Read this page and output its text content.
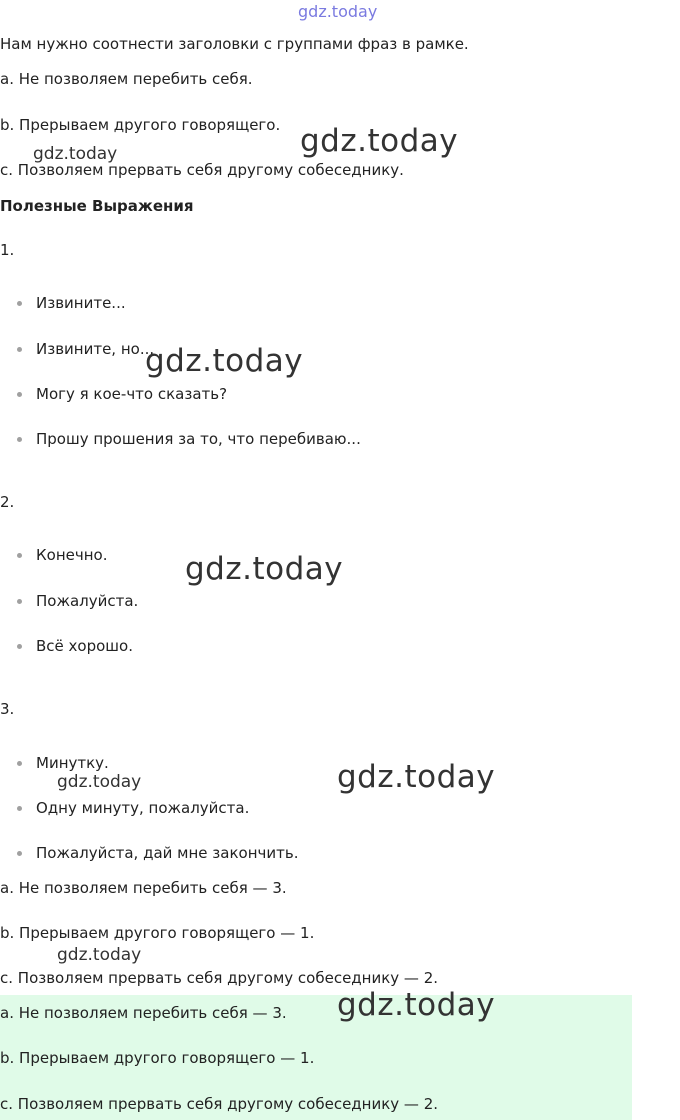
gdz.today
Нам нужно соотнести заголовки с группами фраз в рамке.
a. Не позволяем перебить себя.
b. Прерываем другого говорящего.
c. Позволяем прервать себя другому собеседнику.
Полезные Выражения
1.
Извините...
Извините, но...
Могу я кое-что сказать?
Прошу прошения за то, что перебиваю...
2.
Конечно.
Пожалуйста.
Всё хорошо.
3.
Минутку.
Одну минуту, пожалуйста.
Пожалуйста, дай мне закончить.
a. Не позволяем перебить себя — 3.
b. Прерываем другого говорящего — 1.
c. Позволяем прервать себя другому собеседнику — 2.
a. Не позволяем перебить себя — 3.
b. Прерываем другого говорящего — 1.
c. Позволяем прервать себя другому собеседнику — 2.
gdz.today
gdz.today
gdz.today
gdz.today
gdz.today	gdz.today
gdz.today
gdz.today
